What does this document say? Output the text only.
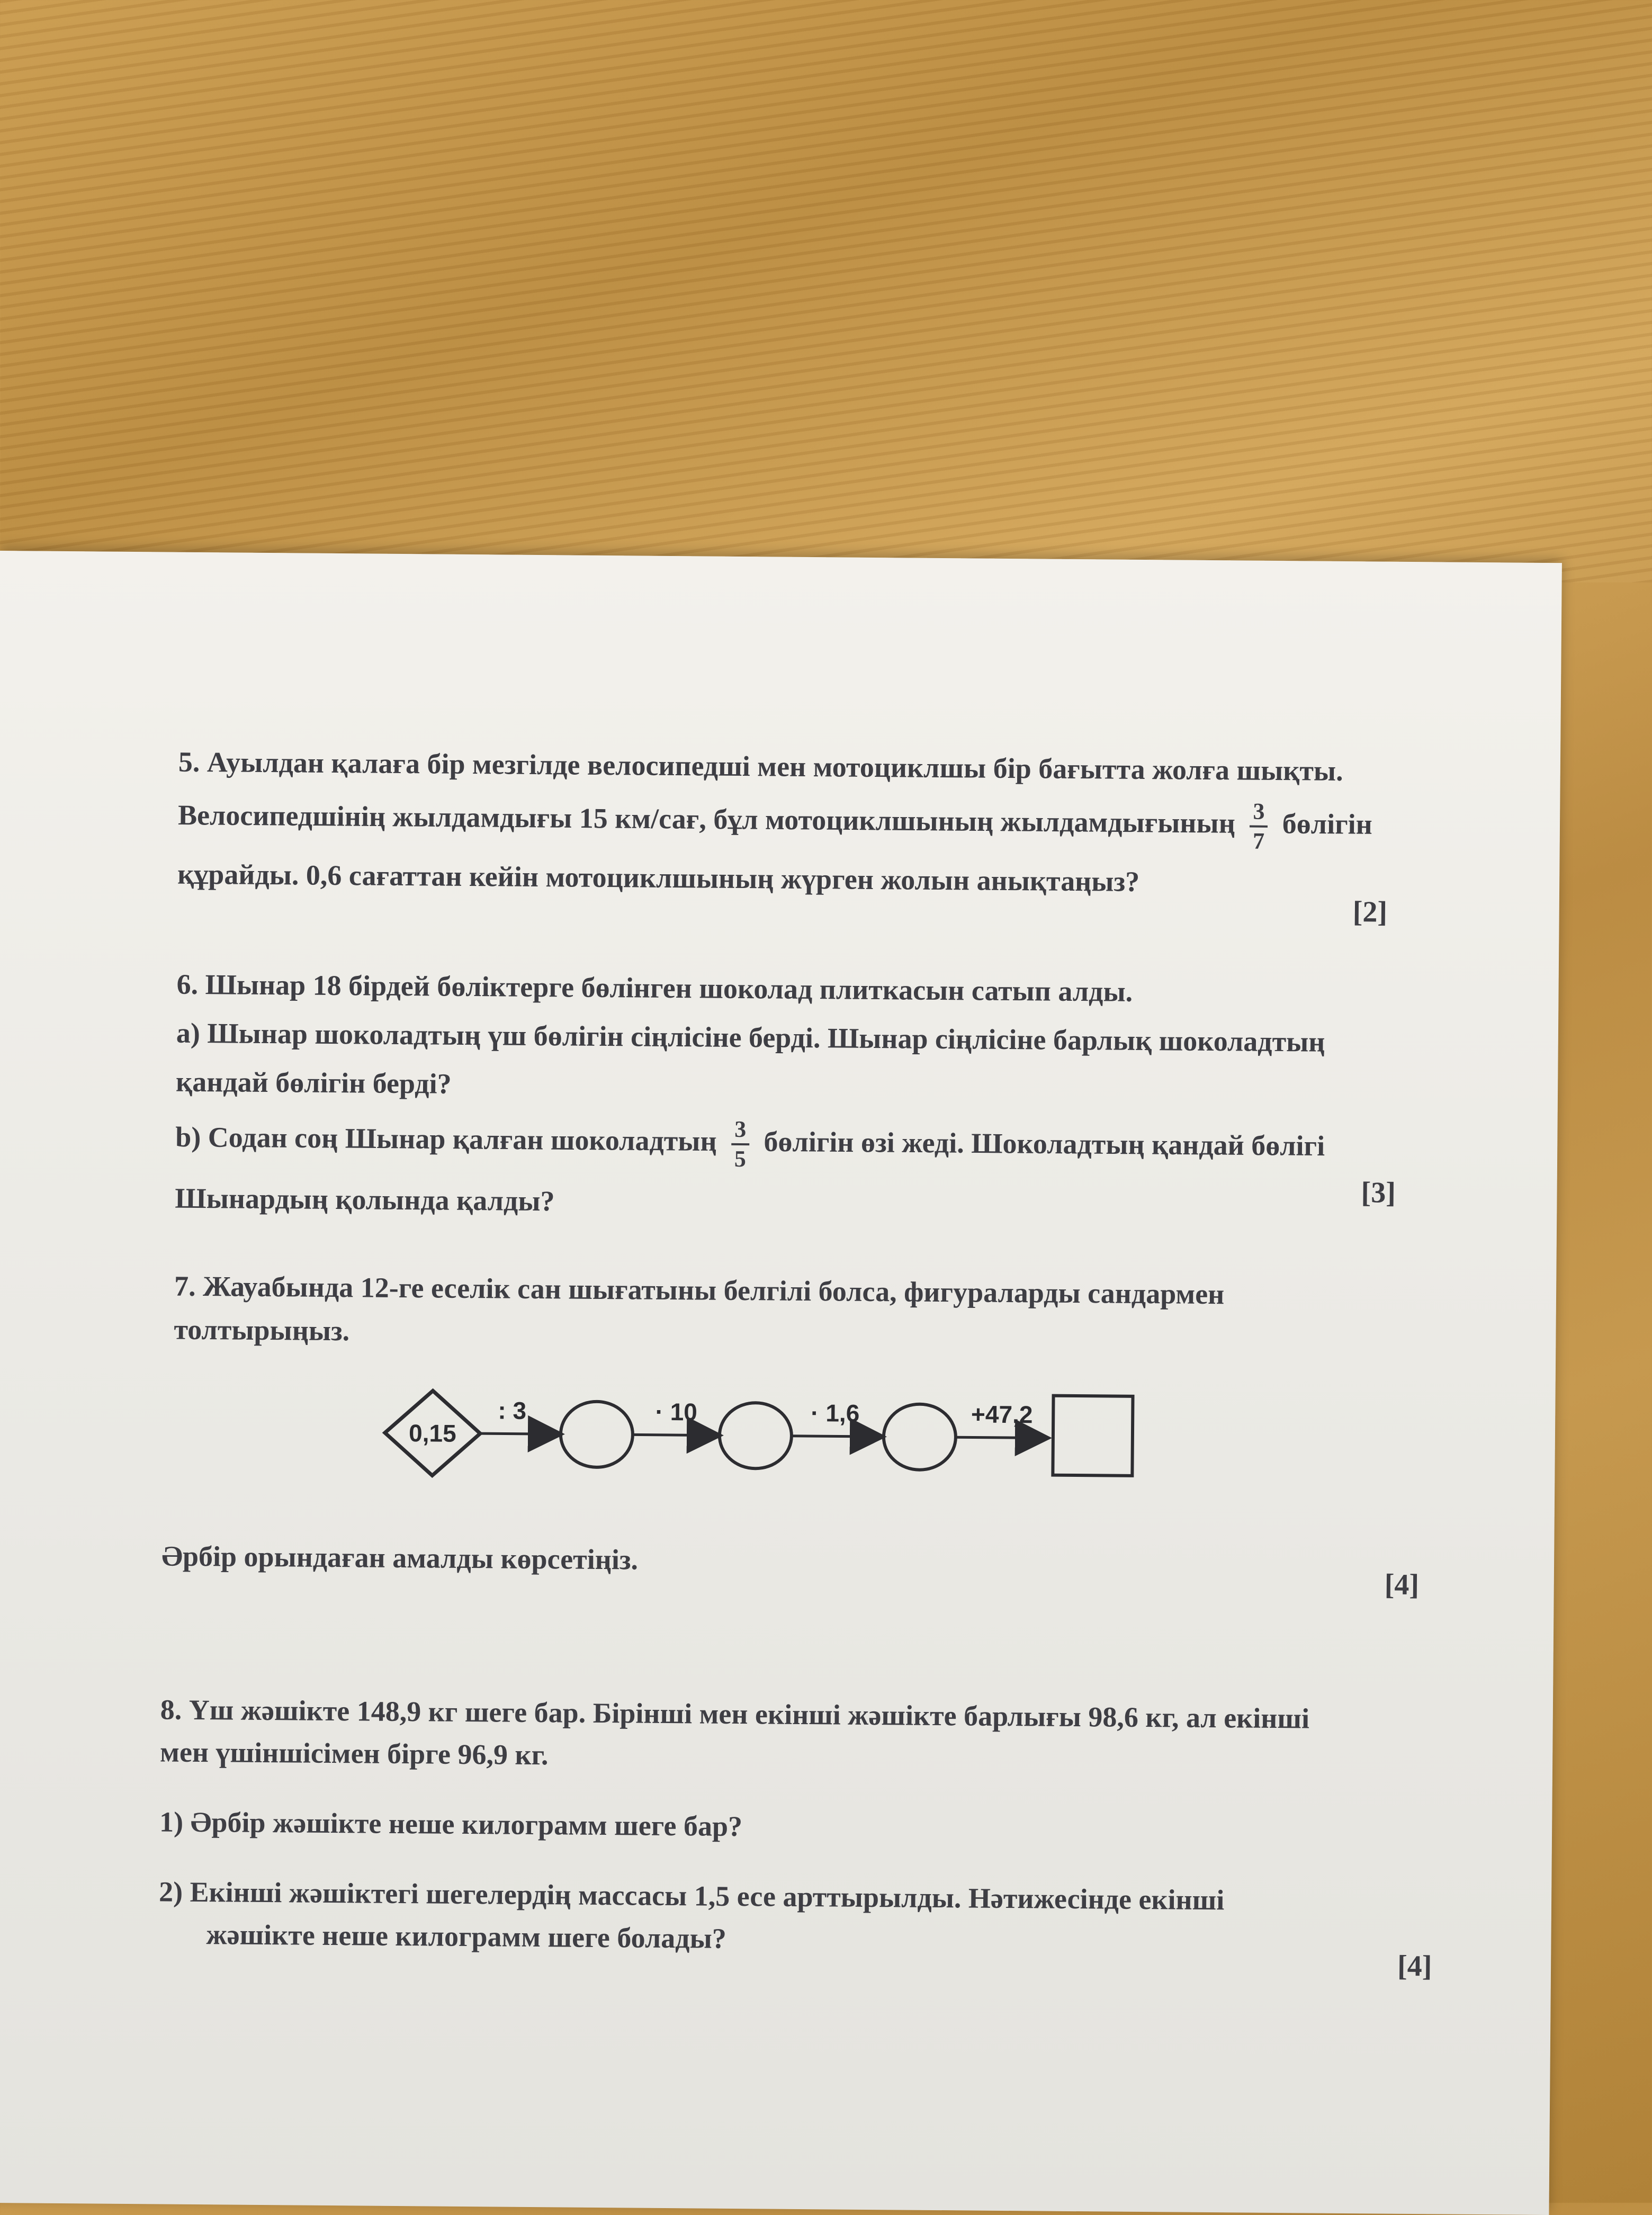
5. Ауылдан қалаға бір мезгілде велосипедші мен мотоциклшы бір бағытта жолға шықты.

Велосипедшінің жылдамдығы 15 км/сағ, бұл мотоциклшының жылдамдығының $\frac{3}{7}$ бөлігін

құрайды. 0,6 сағаттан кейін мотоциклшының жүрген жолын анықтаңыз?

[2]

6. Шынар 18 бірдей бөліктерге бөлінген шоколад плиткасын сатып алды.

a) Шынар шоколадтың үш бөлігін сіңлісіне берді. Шынар сіңлісіне барлық шоколадтың

қандай бөлігін берді?

b) Содан соң Шынар қалған шоколадтың $\frac{3}{5}$ бөлігін өзі жеді. Шоколадтың қандай бөлігі

Шынардың қолында қалды?	[3]

7. Жауабында 12-ге еселік сан шығатыны белгілі болса, фигураларды сандармен

толтырыңыз.

0,15
: 3	· 10	· 1,6	+47,2
Әрбір орындаған амалды көрсетіңіз.
[4]

8. Үш жәшікте 148,9 кг шеге бар. Бірінші мен екінші жәшікте барлығы 98,6 кг, ал екінші

мен үшіншісімен бірге 96,9 кг.

1) Әрбір жәшікте неше килограмм шеге бар?

2) Екінші жәшіктегі шегелердің массасы 1,5 есе арттырылды. Нәтижесінде екінші

жәшікте неше килограмм шеге болады?

[4]
